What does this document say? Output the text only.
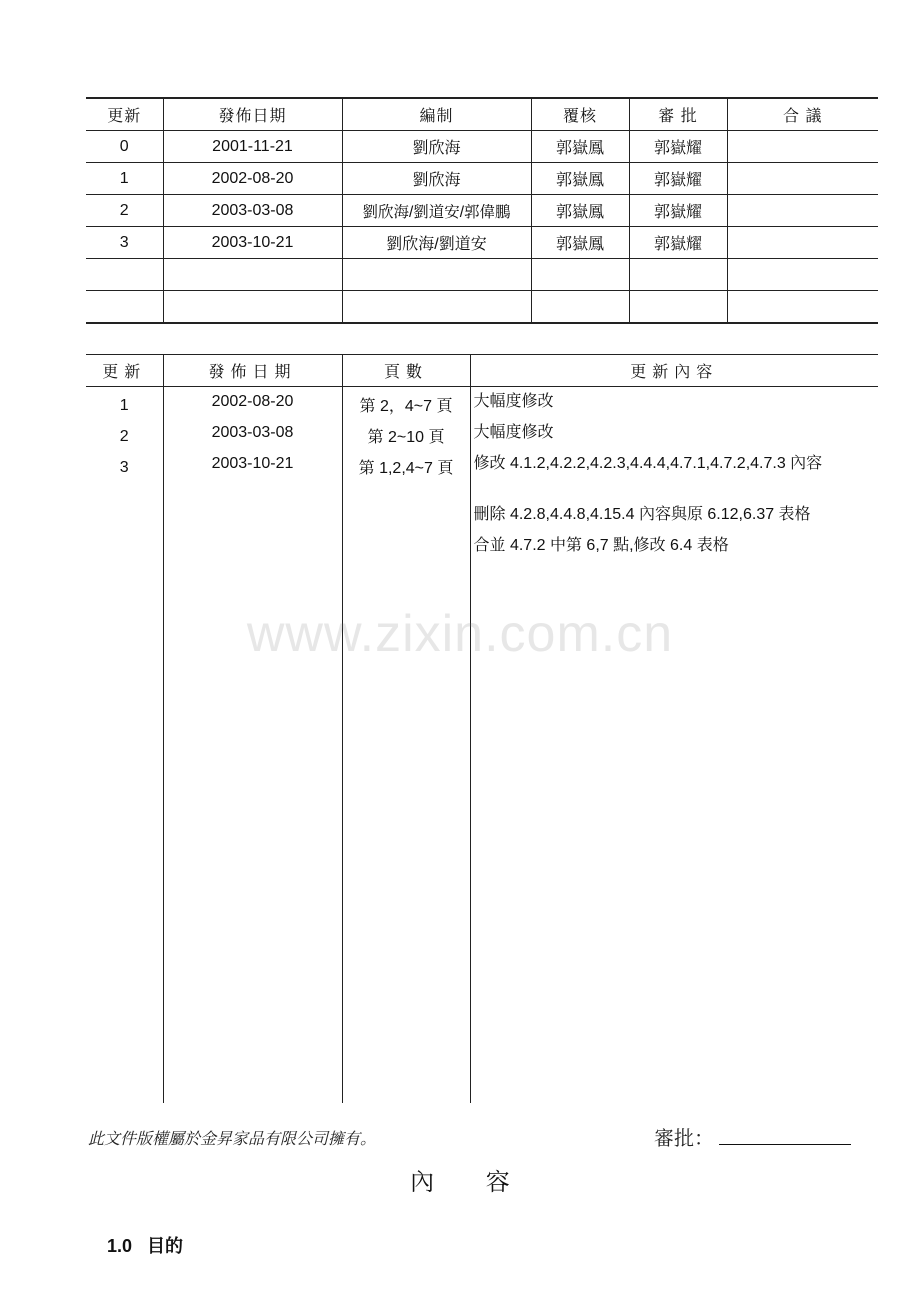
更新	發佈日期	編制	覆核	審 批	合 議
0	2001-11-21	劉欣海	郭嶽鳳	郭嶽耀	
1	2002-08-20	劉欣海	郭嶽鳳	郭嶽耀	
2	2003-03-08	劉欣海/劉道安/郭偉鵬	郭嶽鳳	郭嶽耀	
3	2003-10-21	劉欣海/劉道安	郭嶽鳳	郭嶽耀	

更新	發佈日期	頁數	更新內容
1	2002-08-20	第 2，4~7 頁	大幅度修改
2	2003-03-08	第 2~10 頁	大幅度修改
3	2003-10-21	第 1,2,4~7 頁	修改 4.1.2,4.2.2,4.2.3,4.4.4,4.7.1,4.7.2,4.7.3 內容
			刪除 4.2.8,4.4.8,4.15.4 內容與原 6.12,6.37 表格
			合並 4.7.2 中第 6,7 點,修改 6.4 表格

www.zixin.com.cn
此文件版權屬於金昇家品有限公司擁有。	審批：
內 容
1.0 目的
